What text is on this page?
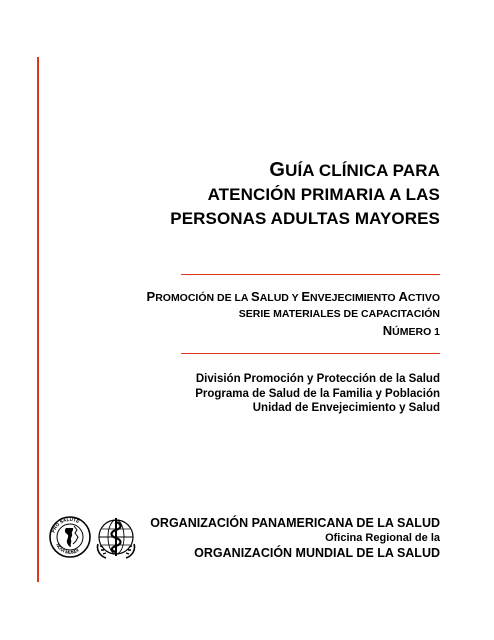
GUÍA CLÍNICA PARA
ATENCIÓN PRIMARIA A LAS
PERSONAS ADULTAS MAYORES
PROMOCIÓN DE LA SALUD Y ENVEJECIMIENTO ACTIVO
SERIE MATERIALES DE CAPACITACIÓN
NÚMERO 1
División Promoción y Protección de la Salud
Programa de Salud de la Familia y Población
Unidad de Envejecimiento y Salud
PRO SALUTE
NOVI MUNDI
ORGANIZACIÓN PANAMERICANA DE LA SALUD
Oficina Regional de la
ORGANIZACIÓN MUNDIAL DE LA SALUD
